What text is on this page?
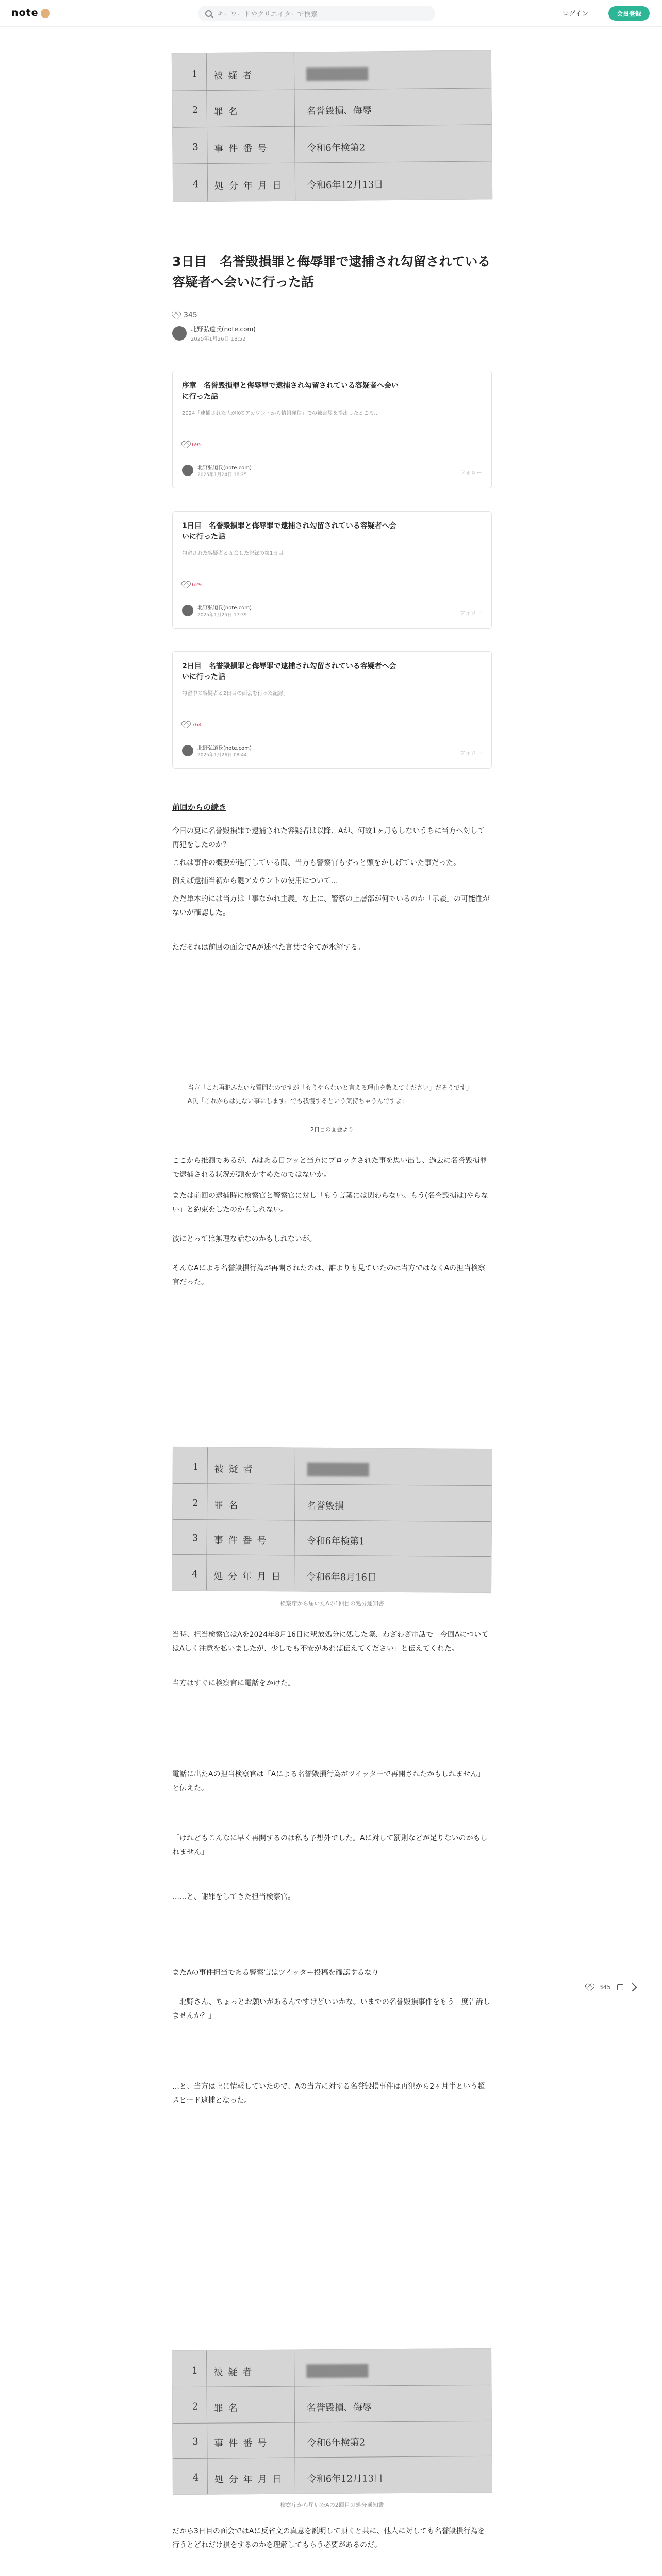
note	キーワードやクリエイターで検索	ログイン	会員登録
1 被疑者
2 罪名	名誉毀損、侮辱
3 事件番号	令和6年検第2
4 処分年月日 令和6年12月13日
3日目　名誉毀損罪と侮辱罪で逮捕され勾留されている容疑者へ会いに行った話
345
北野弘道氏(note.com)
2025年1月26日 18:52
序章　名誉毀損罪と侮辱罪で逮捕され勾留されている容疑者へ会いに行った話
2024「逮捕された人がXのアカウントから情報発信」での被害届を提出したところ…
695
北野弘道氏(note.com)
2025年1月24日 18:25	フォロー
1日目　名誉毀損罪と侮辱罪で逮捕され勾留されている容疑者へ会いに行った話
勾留された容疑者と面会した記録の第1日目。
629
北野弘道氏(note.com)
2025年1月25日 17:39	フォロー
2日目　名誉毀損罪と侮辱罪で逮捕され勾留されている容疑者へ会いに行った話
勾留中の容疑者と2日目の面会を行った記録。
764
北野弘道氏(note.com)
2025年1月26日 08:44	フォロー
前回からの続き

今日の夏に名誉毀損罪で逮捕された容疑者は以降、Aが、何故1ヶ月もしないうちに当方へ対して再犯をしたのか？

これは事件の概要が進行している間、当方も警察官もずっと頭をかしげていた事だった。

例えば逮捕当初から鍵アカウントの使用について…

ただ単本的には当方は「事なかれ主義」な上に、警察の上層部が何でいるのか「示談」の可能性がないが確認した。

ただそれは前回の面会でAが述べた言葉で全てが氷解する。

当方「これ再犯みたいな質問なのですが「もうやらないと言える理由を教えてください」だそうです」

A氏「これからは見ない事にします。でも我慢するという気持ちゃうんですよ」

2日目の面会より

ここから推測であるが、Aはある日フッと当方にブロックされた事を思い出し、過去に名誉毀損罪で逮捕される状況が頭をかすめたのではないか。

または前回の逮捕時に検察官と警察官に対し「もう言葉には関わらない。もう(名誉毀損は)やらない」と約束をしたのかもしれない。

彼にとっては無理な話なのかもしれないが。

そんなAによる名誉毀損行為が再開されたのは、誰よりも見ていたのは当方ではなくAの担当検察官だった。

1 被疑者
2 罪名	名誉毀損
3 事件番号	令和6年検第1
4 処分年月日 令和6年8月16日
検察庁から届いたAの1回目の処分通知書

当時、担当検察官はAを2024年8月16日に釈放処分に処した際、わざわざ電話で「今回AについてはAしく注意を払いましたが、少しでも不安があれば伝えてください」と伝えてくれた。

当方はすぐに検察官に電話をかけた。

電話に出たAの担当検察官は「Aによる名誉毀損行為がツイッターで再開されたかもしれません」と伝えた。

「けれどもこんなに早く再開するのは私も予想外でした。Aに対して罰則などが足りないのかもしれません」

……と、謝罪をしてきた担当検察官。

またAの事件担当である警察官はツイッター投稿を確認するなり

「北野さん、ちょっとお願いがあるんですけどいいかな。いまでの名誉毀損事件をもう一度告訴しませんか？」

…と、当方は上に情報していたので、Aの当方に対する名誉毀損事件は再犯から2ヶ月半という超スピード逮捕となった。

1 被疑者
2 罪名	名誉毀損、侮辱
3 事件番号	令和6年検第2
4 処分年月日 令和6年12月13日
検察庁から届いたAの2回目の処分通知書
だから3日目の面会ではAに反省文の真意を説明して頂くと共に、他人に対しても名誉毀損行為を行うとどれだけ損をするのかを理解してもらう必要があるのだ。

345
